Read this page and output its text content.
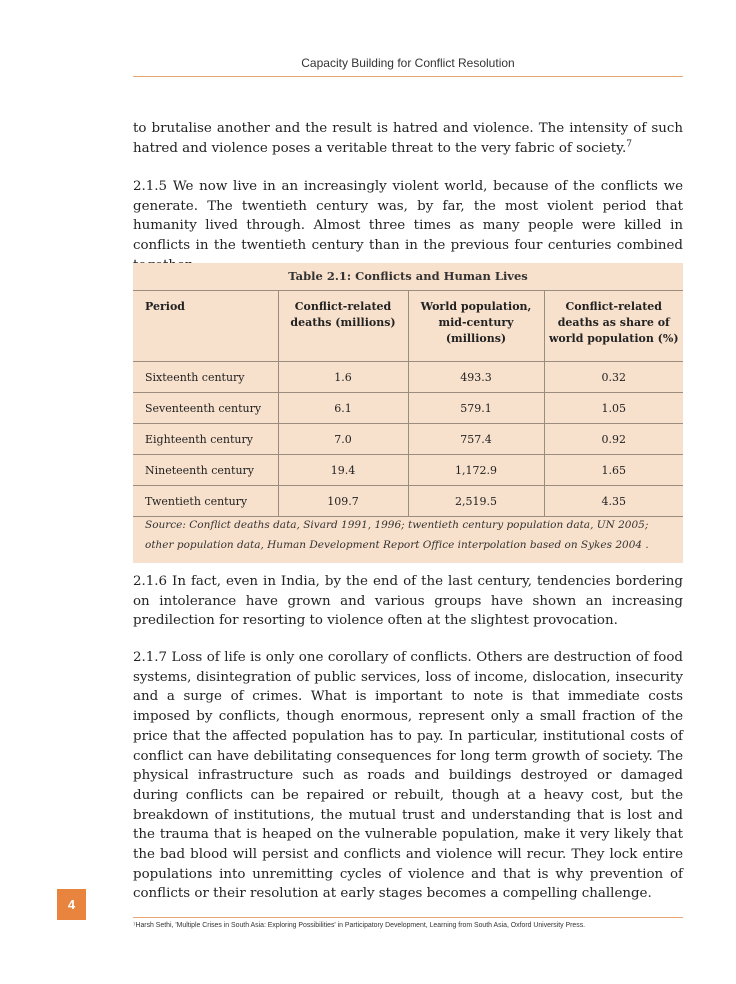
Capacity Building for Conflict Resolution

to brutalise another and the result is hatred and violence. The intensity of such hatred and violence poses a veritable threat to the very fabric of society.$^7$

2.1.5 We now live in an increasingly violent world, because of the conflicts we generate. The twentieth century was, by far, the most violent period that humanity lived through. Almost three times as many people were killed in conflicts in the twentieth century than in the previous four centuries combined

Table 2.1: Conflicts and Human Lives
Period	Conflict-related deaths (millions)	World population, mid-century (millions)	Conflict-related deaths as share of world population (%)
Sixteenth century	1.6	493.3	0.32
Seventeenth century	6.1	579.1	1.05
Eighteenth century	7.0	757.4	0.92
Nineteenth century	19.4	1,172.9	1.65
Twentieth century	109.7	2,519.5	4.35
Source: Conflict deaths data, Sivard 1991, 1996; twentieth century population data, UN 2005; other population data, Human Development Report Office interpolation based on Sykes 2004 .

2.1.6 In fact, even in India, by the end of the last century, tendencies bordering on intolerance have grown and various groups have shown an increasing predilection for resorting to violence often at the slightest provocation.

2.1.7 Loss of life is only one corollary of conflicts. Others are destruction of food systems, disintegration of public services, loss of income, dislocation, insecurity and a surge of crimes. What is important to note is that immediate costs imposed by conflicts, though enormous, represent only a small fraction of the price that the affected population has to pay. In particular, institutional costs of conflict can have debilitating consequences for long term growth of society. The physical infrastructure such as roads and buildings destroyed or damaged during conflicts can be repaired or rebuilt, though at a heavy cost, but the breakdown of institutions, the mutual trust and understanding that is lost and the trauma that is heaped on the vulnerable population, make it very likely that the bad blood will persist and conflicts and violence will recur. They lock entire populations into unremitting cycles of violence and that is why prevention of conflicts or their resolution at early stages becomes a compelling challenge.

4
⁷Harsh Sethi, 'Multiple Crises in South Asia: Exploring Possibilities' in Participatory Development, Learning from South Asia, Oxford University Press.
